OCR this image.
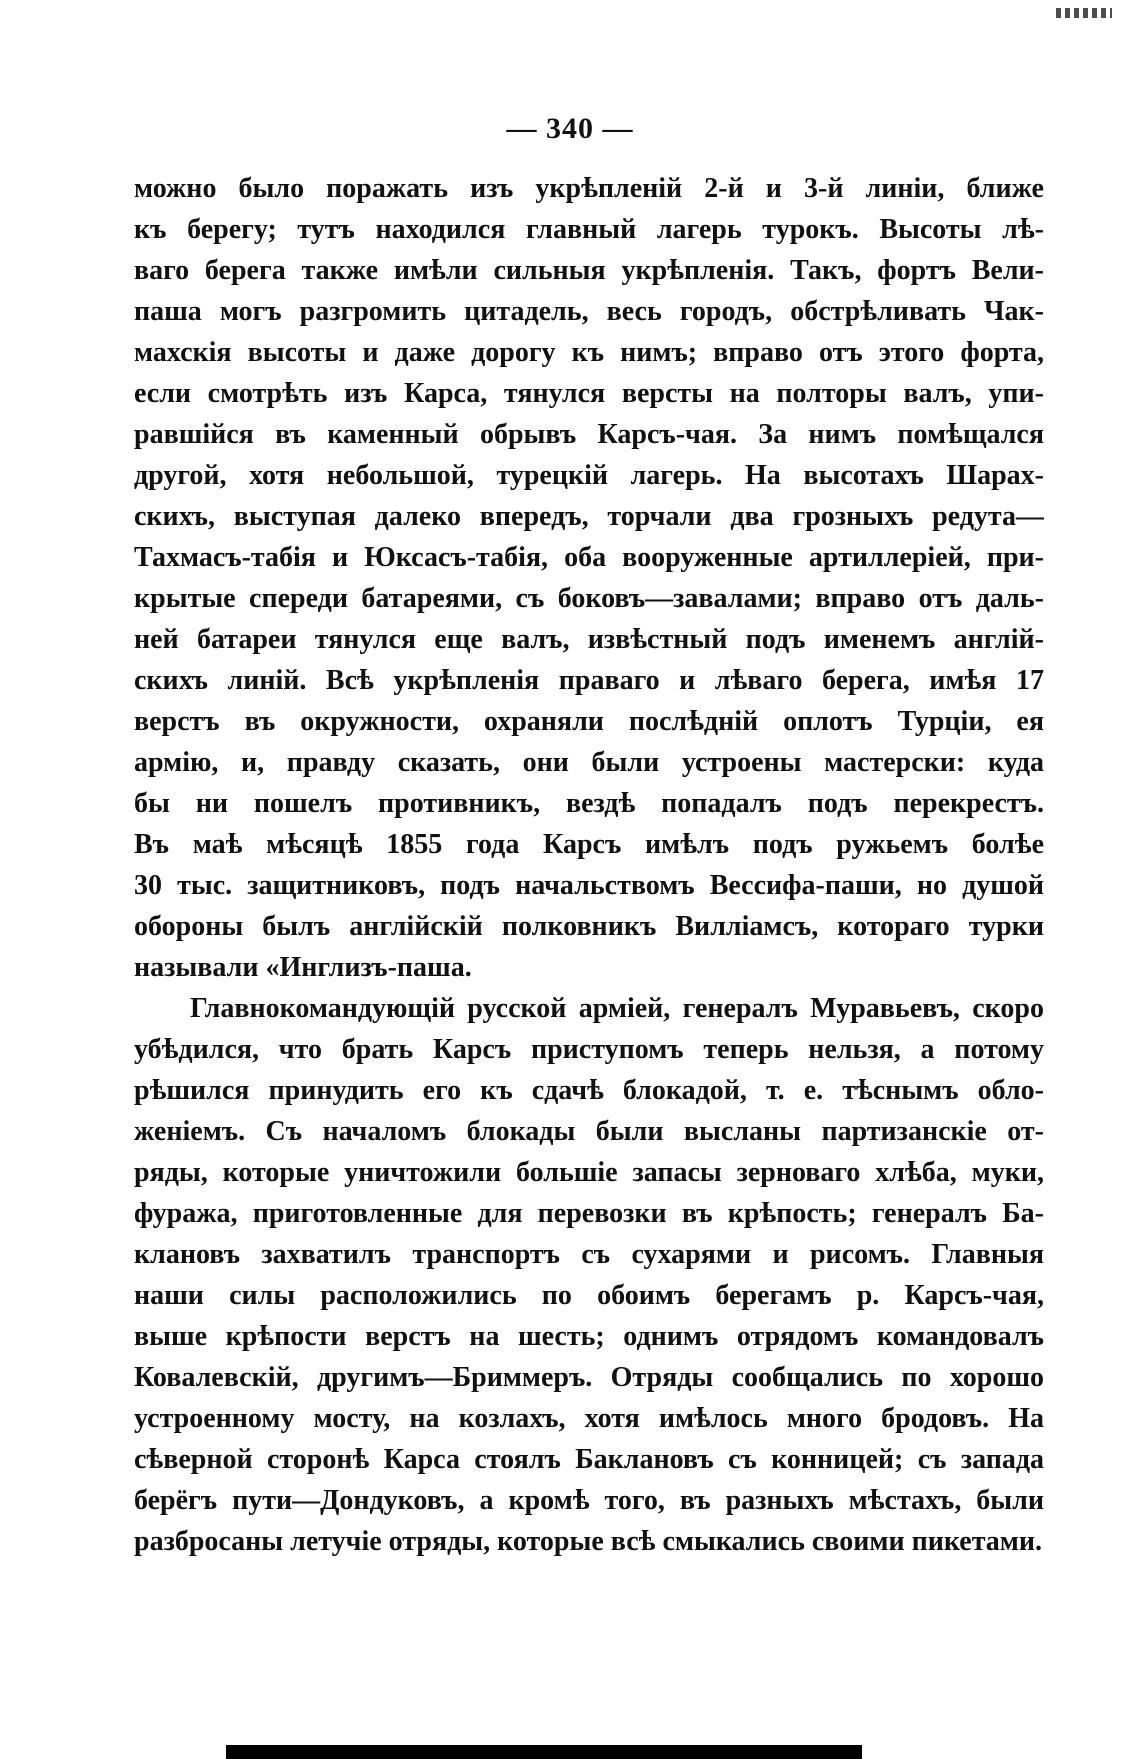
— 340 —
можно было поражать изъ укрѣпленій 2-й и 3-й линіи, ближе
къ берегу; тутъ находился главный лагерь турокъ. Высоты лѣ-
ваго берега также имѣли сильныя укрѣпленія. Такъ, фортъ Вели-
паша могъ разгромить цитадель, весь городъ, обстрѣливать Чак-
махскія высоты и даже дорогу къ нимъ; вправо отъ этого форта,
если смотрѣть изъ Карса, тянулся версты на полторы валъ, упи-
равшійся въ каменный обрывъ Карсъ-чая. За нимъ помѣщался
другой, хотя небольшой, турецкій лагерь. На высотахъ Шарах-
скихъ, выступая далеко впередъ, торчали два грозныхъ редута—
Тахмасъ-табія и Юксасъ-табія, оба вооруженные артиллеріей, при-
крытые спереди батареями, съ боковъ—завалами; вправо отъ даль-
ней батареи тянулся еще валъ, извѣстный подъ именемъ англій-
скихъ линій. Всѣ укрѣпленія праваго и лѣваго берега, имѣя 17
верстъ въ окружности, охраняли послѣдній оплотъ Турціи, ея
армію, и, правду сказать, они были устроены мастерски: куда
бы ни пошелъ противникъ, вездѣ попадалъ подъ перекрестъ.
Въ маѣ мѣсяцѣ 1855 года Карсъ имѣлъ подъ ружьемъ болѣе
30 тыс. защитниковъ, подъ начальствомъ Вессифа-паши, но душой
обороны былъ англійскій полковникъ Вилліамсъ, котораго турки
называли «Инглизъ-паша.
Главнокомандующій русской арміей, генералъ Муравьевъ, скоро
убѣдился, что брать Карсъ приступомъ теперь нельзя, а потому
рѣшился принудить его къ сдачѣ блокадой, т. е. тѣснымъ обло-
женіемъ. Съ началомъ блокады были высланы партизанскіе от-
ряды, которые уничтожили большіе запасы зерноваго хлѣба, муки,
фуража, приготовленные для перевозки въ крѣпость; генералъ Ба-
клановъ захватилъ транспортъ съ сухарями и рисомъ. Главныя
наши силы расположились по обоимъ берегамъ р. Карсъ-чая,
выше крѣпости верстъ на шесть; однимъ отрядомъ командовалъ
Ковалевскій, другимъ—Бриммеръ. Отряды сообщались по хорошо
устроенному мосту, на козлахъ, хотя имѣлось много бродовъ. На
сѣверной сторонѣ Карса стоялъ Баклановъ съ конницей; съ запада
берёгъ пути—Дондуковъ, а кромѣ того, въ разныхъ мѣстахъ, были
разбросаны летучіе отряды, которые всѣ смыкались своими пикетами.
